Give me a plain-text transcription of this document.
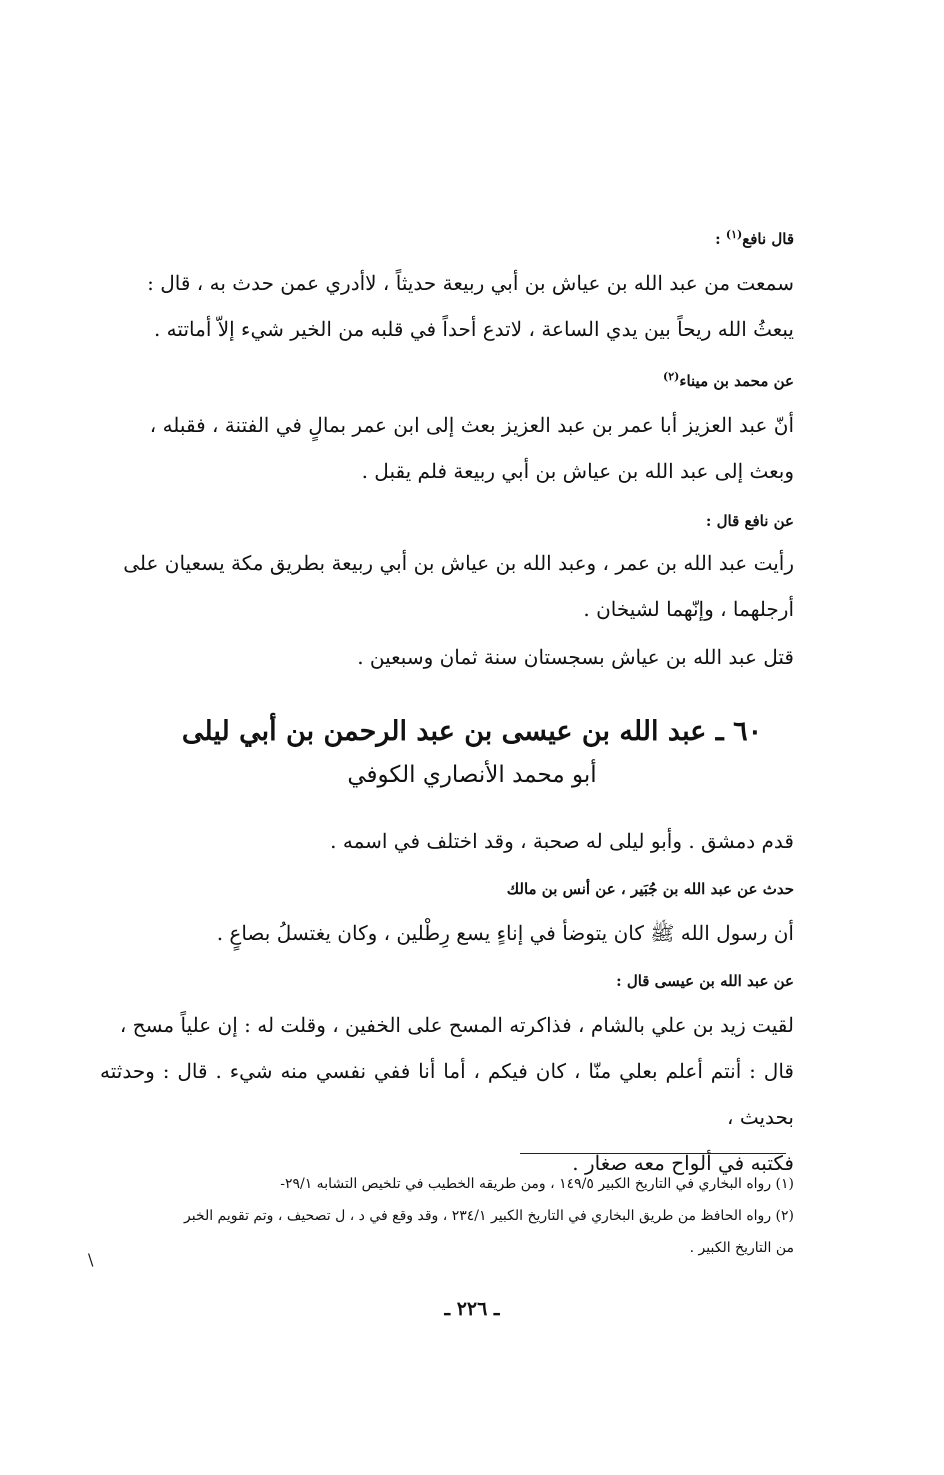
قال نافع$^{(١)}$ :
سمعت من عبد الله بن عياش بن أبي ربيعة حديثاً ، لاأدري عمن حدث به ، قال :
يبعثُ الله ريحاً بين يدي الساعة ، لاتدع أحداً في قلبه من الخير شيء إلاّ أماتته .
عن محمد بن ميناء$^{(٢)}$
أنّ عبد العزيز أبا عمر بن عبد العزيز بعث إلى ابن عمر بمالٍ في الفتنة ، فقبله ،
وبعث إلى عبد الله بن عياش بن أبي ربيعة فلم يقبل .
عن نافع قال :
رأيت عبد الله بن عمر ، وعبد الله بن عياش بن أبي ربيعة بطريق مكة يسعيان على
أرجلهما ، وإنّهما لشيخان .
قتل عبد الله بن عياش بسجستان سنة ثمان وسبعين .
٦٠ ـ عبد الله بن عيسى بن عبد الرحمن بن أبي ليلى
أبو محمد الأنصاري الكوفي
قدم دمشق . وأبو ليلى له صحبة ، وقد اختلف في اسمه .
حدث عن عبد الله بن جُبَير ، عن أنس بن مالك
أن رسول الله ﷺ كان يتوضأ في إناءٍ يسع رِطْلين ، وكان يغتسلُ بصاعٍ .
عن عبد الله بن عيسى قال :
لقيت زيد بن علي بالشام ، فذاكرته المسح على الخفين ، وقلت له : إن علياً مسح ،
قال : أنتم أعلم بعلي منّا ، كان فيكم ، أما أنا ففي نفسي منه شيء . قال : وحدثته بحديث ،
فكتبه في ألواح معه صغار .
(١) رواه البخاري في التاريخ الكبير ١٤٩/٥ ، ومن طريقه الخطيب في تلخيص التشابه ٢٩/١-
(٢) رواه الحافظ من طريق البخاري في التاريخ الكبير ٢٣٤/١ ، وقد وقع في د ، ل تصحيف ، وتم تقويم الخبر
من التاريخ الكبير .
\
ـ ٢٢٦ ـ
